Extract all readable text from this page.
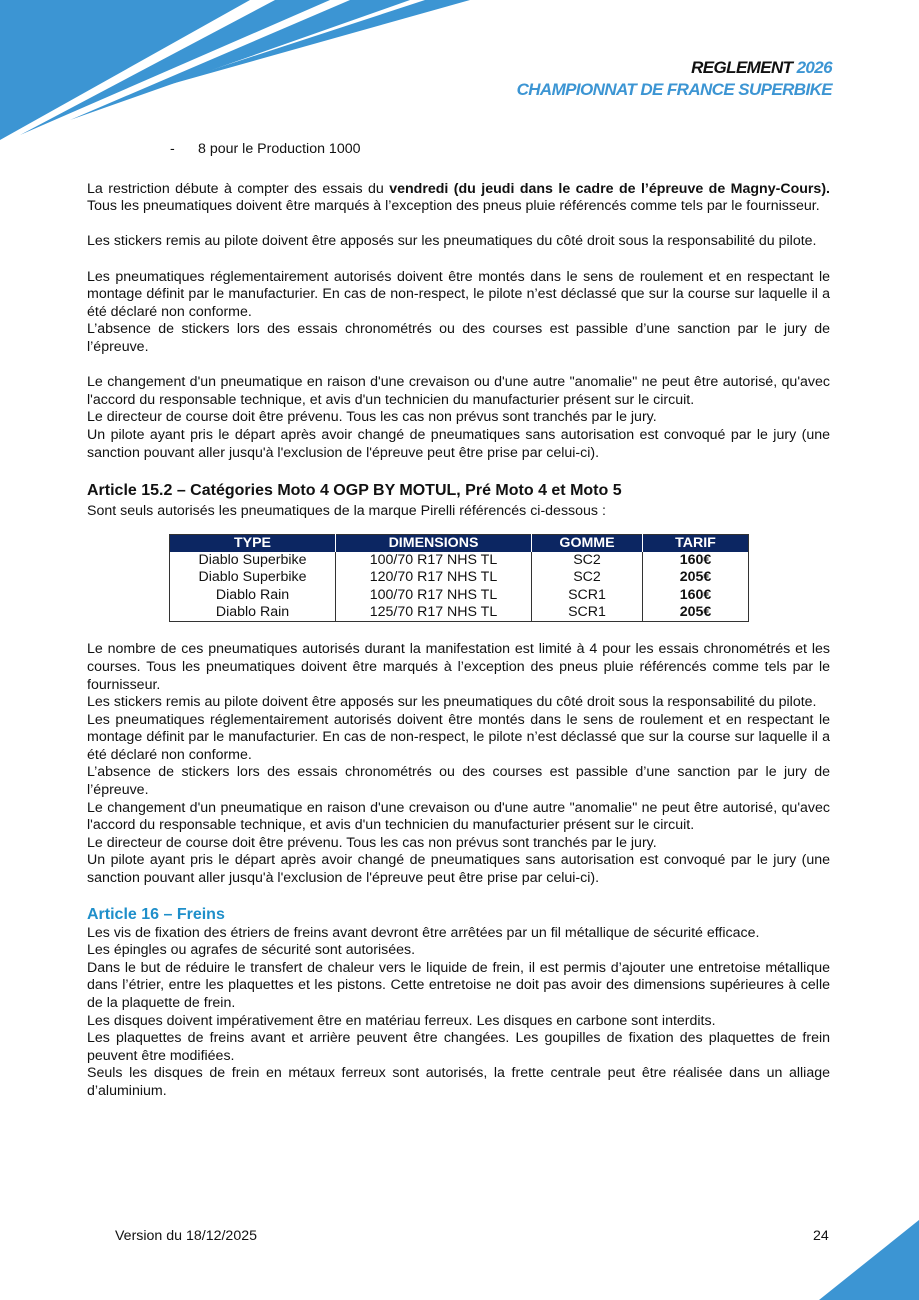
REGLEMENT 2026
CHAMPIONNAT DE FRANCE SUPERBIKE
- 8 pour le Production 1000

La restriction débute à compter des essais du vendredi (du jeudi dans le cadre de l’épreuve de Magny-Cours). Tous les pneumatiques doivent être marqués à l’exception des pneus pluie référencés comme tels par le fournisseur.

Les stickers remis au pilote doivent être apposés sur les pneumatiques du côté droit sous la responsabilité du pilote.

Les pneumatiques réglementairement autorisés doivent être montés dans le sens de roulement et en respectant le montage définit par le manufacturier. En cas de non-respect, le pilote n’est déclassé que sur la course sur laquelle il a été déclaré non conforme.

L’absence de stickers lors des essais chronométrés ou des courses est passible d’une sanction par le jury de l’épreuve.

Le changement d'un pneumatique en raison d'une crevaison ou d'une autre "anomalie" ne peut être autorisé, qu'avec l'accord du responsable technique, et avis d'un technicien du manufacturier présent sur le circuit.

Le directeur de course doit être prévenu. Tous les cas non prévus sont tranchés par le jury.

Un pilote ayant pris le départ après avoir changé de pneumatiques sans autorisation est convoqué par le jury (une sanction pouvant aller jusqu'à l'exclusion de l'épreuve peut être prise par celui-ci).

Article 15.2 – Catégories Moto 4 OGP BY MOTUL, Pré Moto 4 et Moto 5

Sont seuls autorisés les pneumatiques de la marque Pirelli référencés ci-dessous :

TYPE	DIMENSIONS	GOMME	TARIF
Diablo Superbike	100/70 R17 NHS TL	SC2	160€
Diablo Superbike	120/70 R17 NHS TL	SC2	205€
Diablo Rain	100/70 R17 NHS TL	SCR1	160€
Diablo Rain	125/70 R17 NHS TL	SCR1	205€

Le nombre de ces pneumatiques autorisés durant la manifestation est limité à 4 pour les essais chronométrés et les courses. Tous les pneumatiques doivent être marqués à l’exception des pneus pluie référencés comme tels par le fournisseur.

Les stickers remis au pilote doivent être apposés sur les pneumatiques du côté droit sous la responsabilité du pilote.

Les pneumatiques réglementairement autorisés doivent être montés dans le sens de roulement et en respectant le montage définit par le manufacturier. En cas de non-respect, le pilote n’est déclassé que sur la course sur laquelle il a été déclaré non conforme.

L’absence de stickers lors des essais chronométrés ou des courses est passible d’une sanction par le jury de l’épreuve.

Le changement d'un pneumatique en raison d'une crevaison ou d'une autre "anomalie" ne peut être autorisé, qu'avec l'accord du responsable technique, et avis d'un technicien du manufacturier présent sur le circuit.

Le directeur de course doit être prévenu. Tous les cas non prévus sont tranchés par le jury.

Un pilote ayant pris le départ après avoir changé de pneumatiques sans autorisation est convoqué par le jury (une sanction pouvant aller jusqu'à l'exclusion de l'épreuve peut être prise par celui-ci).

Article 16 – Freins

Les vis de fixation des étriers de freins avant devront être arrêtées par un fil métallique de sécurité efficace.

Les épingles ou agrafes de sécurité sont autorisées.

Dans le but de réduire le transfert de chaleur vers le liquide de frein, il est permis d’ajouter une entretoise métallique dans l’étrier, entre les plaquettes et les pistons. Cette entretoise ne doit pas avoir des dimensions supérieures à celle de la plaquette de frein.

Les disques doivent impérativement être en matériau ferreux. Les disques en carbone sont interdits.

Les plaquettes de freins avant et arrière peuvent être changées. Les goupilles de fixation des plaquettes de frein peuvent être modifiées.

Seuls les disques de frein en métaux ferreux sont autorisés, la frette centrale peut être réalisée dans un alliage d’aluminium.

Version du 18/12/2025	24
